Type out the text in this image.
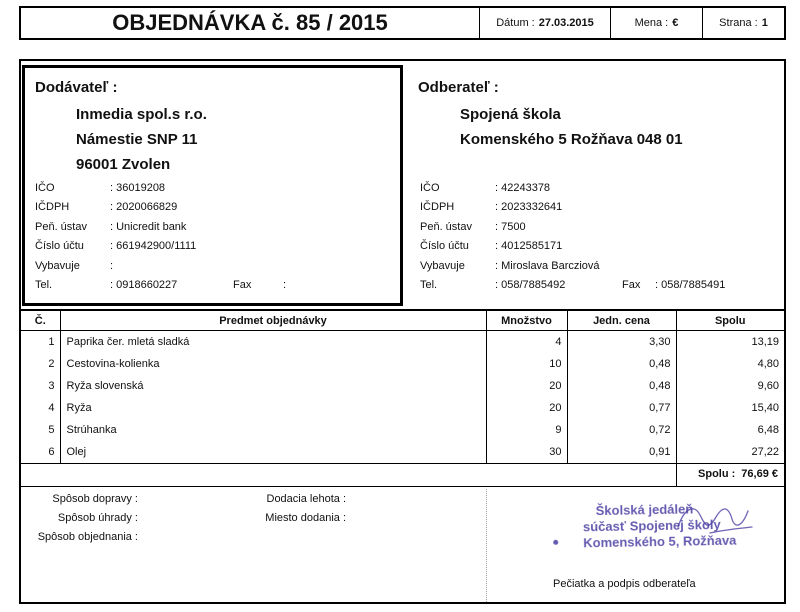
OBJEDNÁVKA č. 85 / 2015	Dátum : 27.03.2015	Mena : €	Strana : 1
Dodávateľ :
Inmedia spol.s r.o.
Námestie SNP 11
96001 Zvolen
IČO	: 36019208
IČDPH	: 2020066829
Peň. ústav : Unicredit bank
Číslo účtu : 661942900/1111
Vybavuje	:
Tel.	: 0918660227	Fax	:
Odberateľ :
Spojená škola
Komenského 5 Rožňava 048 01
IČO	: 42243378
IČDPH	: 2023332641
Peň. ústav : 7500
Číslo účtu : 4012585171
Vybavuje	: Miroslava Barcziová
Tel.	: 058/7885492	Fax : 058/7885491
Č.	Predmet objednávky	Množstvo	Jedn. cena	Spolu
1	Paprika čer. mletá sladká	4	3,30	13,19
2	Cestovina-kolienka	10	0,48	4,80
3	Ryža slovenská	20	0,48	9,60
4	Ryža	20	0,77	15,40
5	Strúhanka	9	0,72	6,48
6	Olej	30	0,91	27,22
Spolu : 76,69 €
Spôsob dopravy :
Spôsob úhrady :
Spôsob objednania :
Dodacia lehota :
Miesto dodania :	Školská jedáleň
súčasť Spojenej školy
Komenského 5, Rožňava
Pečiatka a podpis odberateľa
